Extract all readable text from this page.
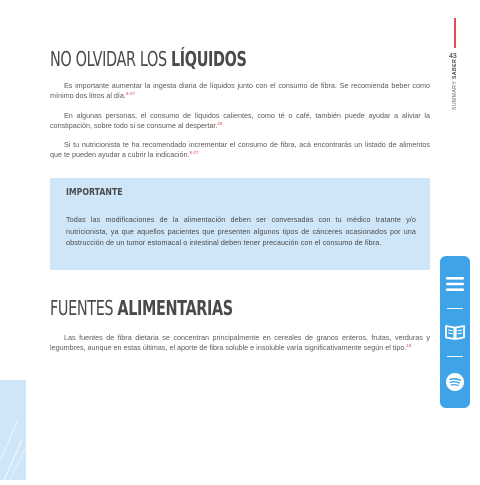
43
SUMMARY SABER
NO OLVIDAR LOS LÍQUIDOS

Es importante aumentar la ingesta diaria de líquidos junto con el consumo de fibra. Se recomienda beber como mínimo dos litros al día.$^{9-27}$

En algunas personas, el consumo de líquidos calientes, como té o café, también puede ayudar a aliviar la constipación, sobre todo si se consume al despertar.$^{26}$

Si tu nutricionista te ha recomendado incrementar el consumo de fibra, acá encontrarás un listado de alimentos que te pueden ayudar a cubrir la indicación.$^{9-27}$

IMPORTANTE

Todas las modificaciones de la alimentación deben ser conversadas con tu médico tratante y/o nutricionista, ya que aquellos pacientes que presenten algunos tipos de cánceres ocasionados por una obstrucción de un tumor estomacal o intestinal deben tener precaución con el consumo de fibra.

FUENTES ALIMENTARIAS

Las fuentes de fibra dietaria se concentran principalmente en cereales de granos enteros, frutas, verduras y legumbres, aunque en estas últimas, el aporte de fibra soluble e insoluble varía significativamente según el tipo.$^{16}$
